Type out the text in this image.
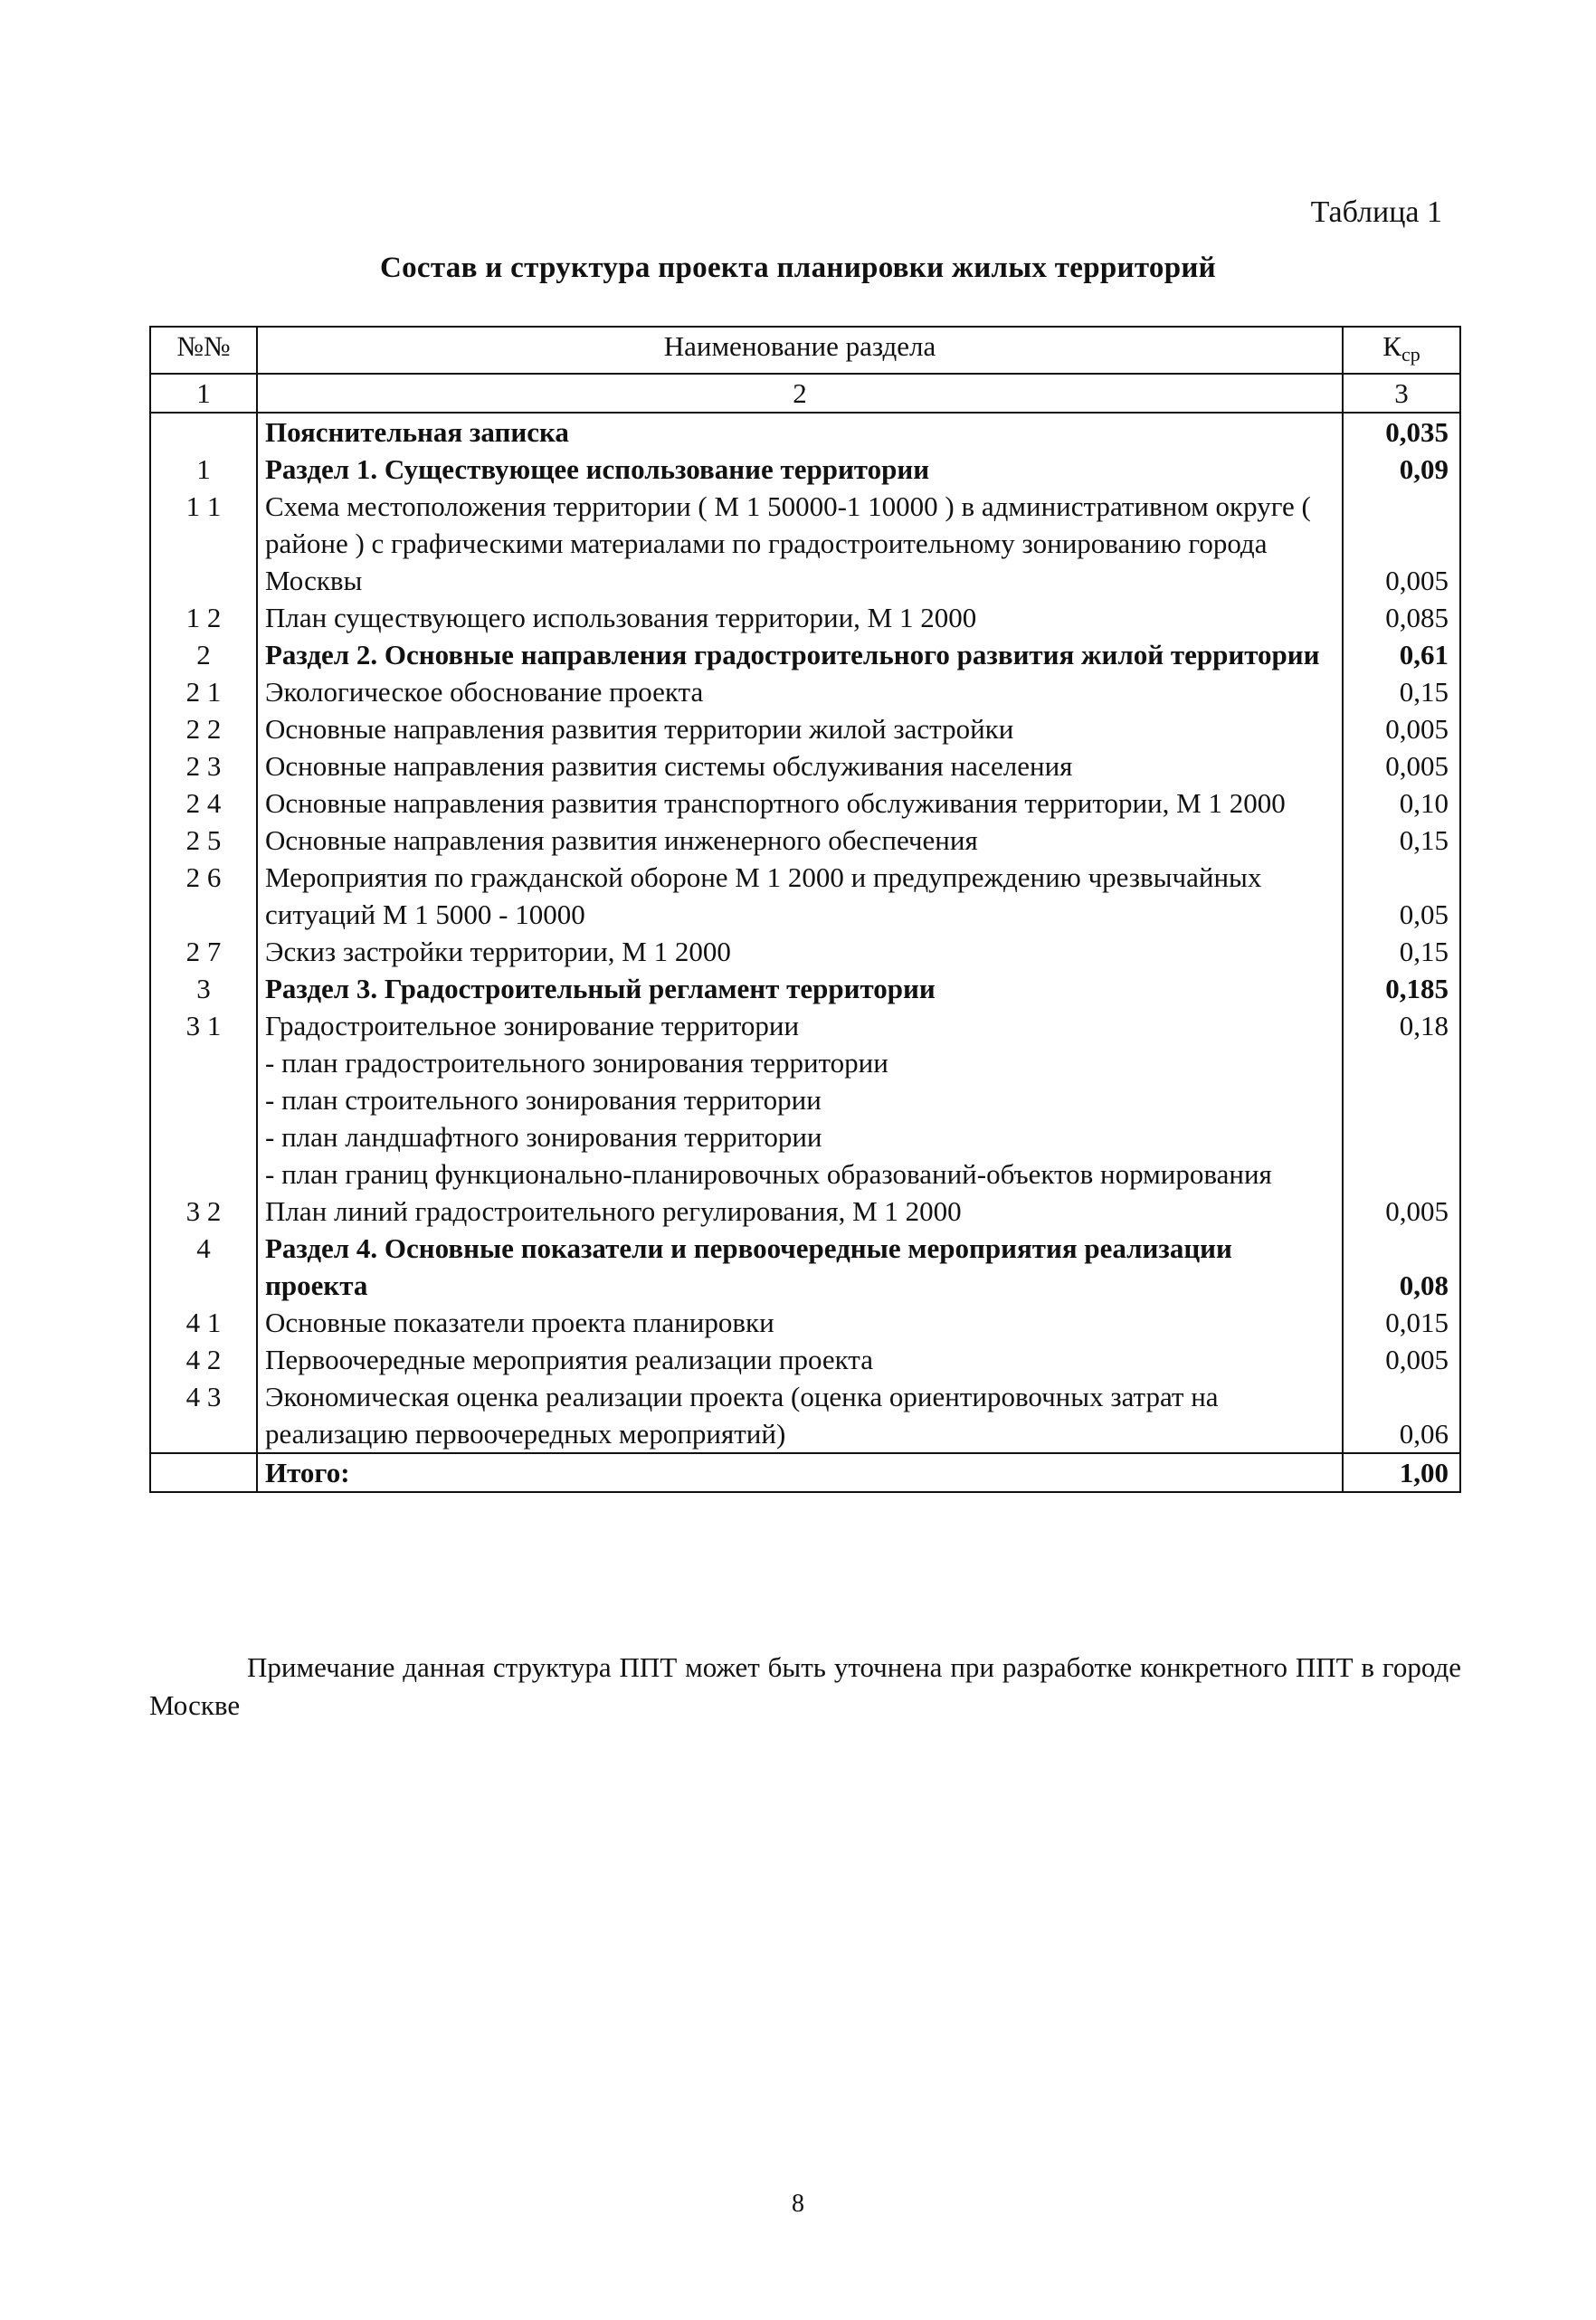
Таблица 1
Состав и структура проекта планировки жилых территорий
№№	Наименование раздела	Кср
1	2	3
	Пояснительная записка	0,035
1	Раздел 1. Существующее использование территории	0,09
1 1	Схема местоположения территории ( М 1 50000-1 10000 ) в административном округе ( районе ) с графическими материалами по градостроительному зонированию города Москвы	0,005
1 2	План существующего использования территории, М 1 2000	0,085
2	Раздел 2. Основные направления градостроительного развития жилой территории	0,61
2 1	Экологическое обоснование проекта	0,15
2 2	Основные направления развития территории жилой застройки	0,005
2 3	Основные направления развития системы обслуживания населения	0,005
2 4	Основные направления развития транспортного обслуживания территории, М 1 2000	0,10
2 5	Основные направления развития инженерного обеспечения	0,15
2 6	Мероприятия по гражданской обороне М 1 2000 и предупреждению чрезвычайных ситуаций М 1 5000 - 10000	0,05
2 7	Эскиз застройки территории, М 1 2000	0,15
3	Раздел 3. Градостроительный регламент территории	0,185
3 1	Градостроительное зонирование территории	0,18
	- план градостроительного зонирования территории	
	- план строительного зонирования территории	
	- план ландшафтного зонирования территории	
	- план границ функционально-планировочных образований-объектов нормирования	
3 2	План линий градостроительного регулирования, М 1 2000	0,005
4	Раздел 4. Основные показатели и первоочередные мероприятия реализации проекта	0,08
4 1	Основные показатели проекта планировки	0,015
4 2	Первоочередные мероприятия реализации проекта	0,005
4 3	Экономическая оценка реализации проекта (оценка ориентировочных затрат на реализацию первоочередных мероприятий)	0,06
	Итого:	1,00
Примечание данная структура ППТ может быть уточнена при разработке конкретного ППТ в городе Москве
8
